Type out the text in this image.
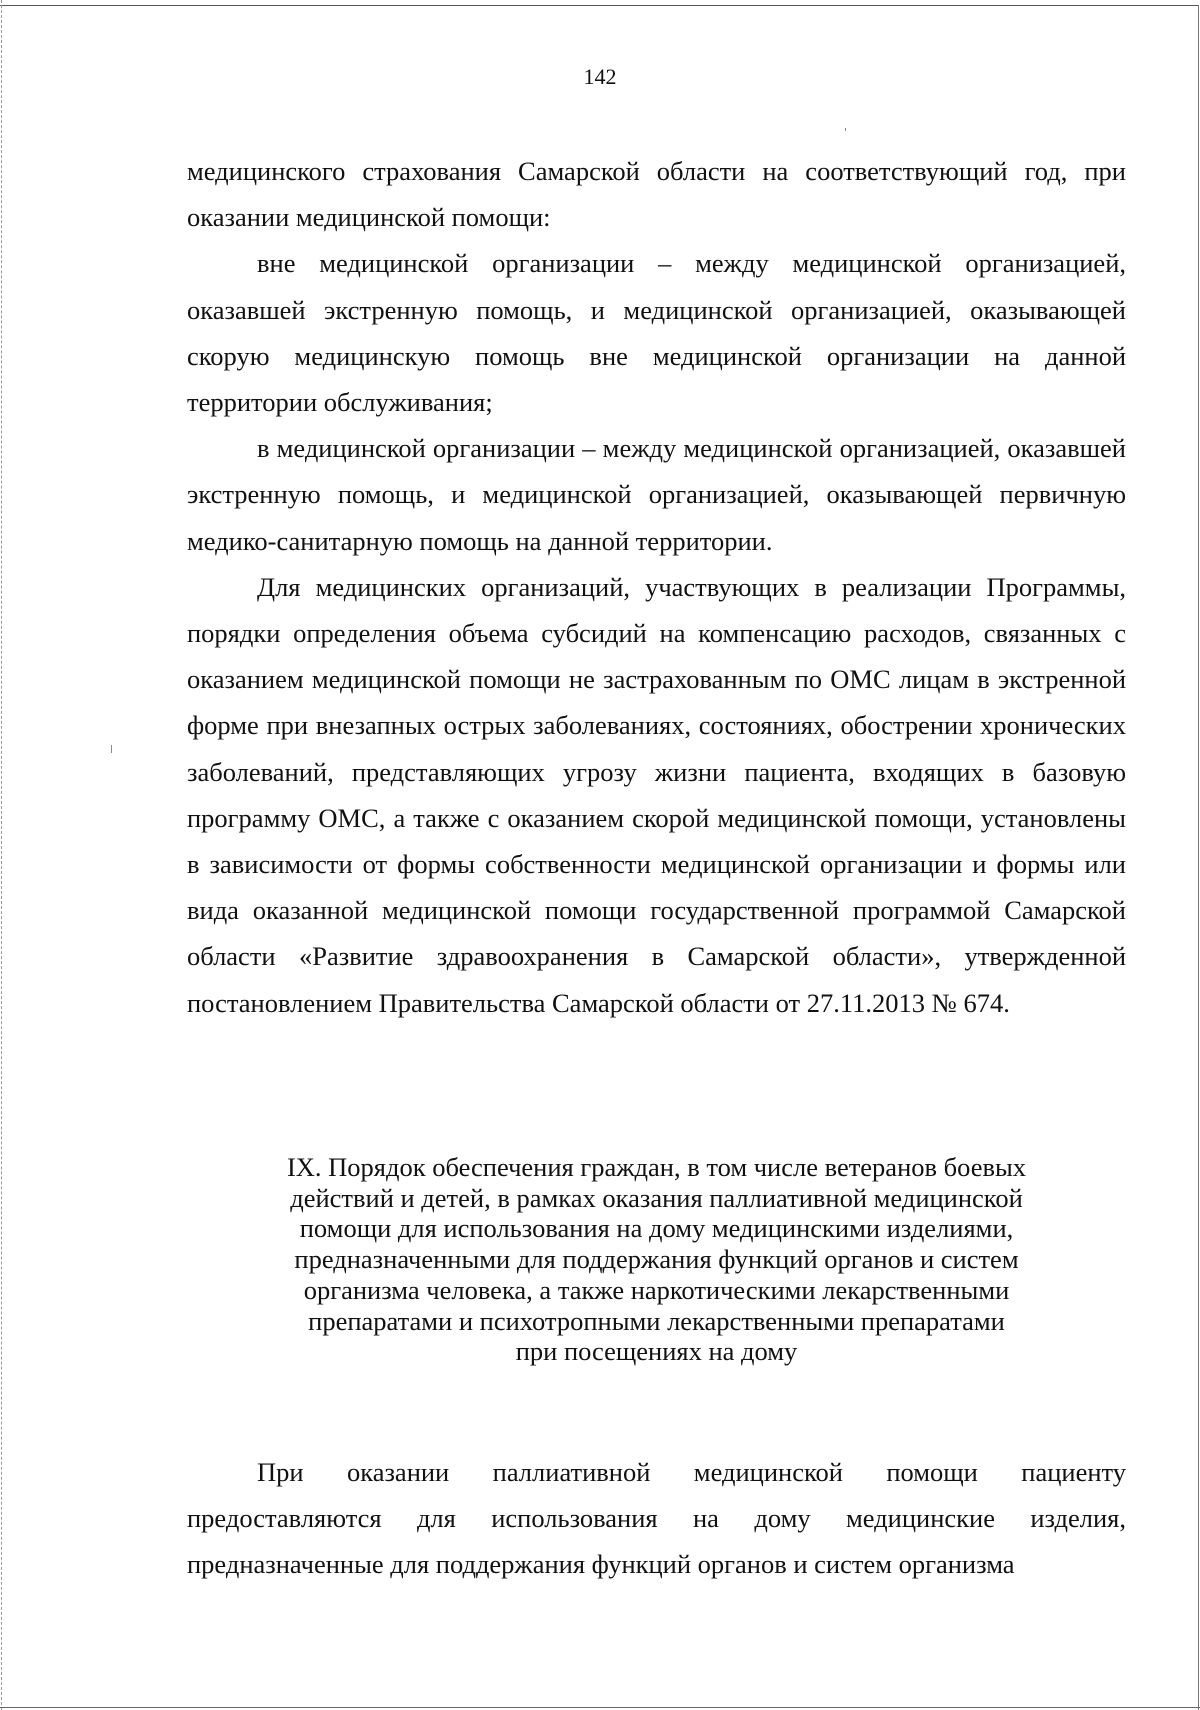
142

медицинского страхования Самарской области на соответствующий год, при оказании медицинской помощи:

вне медицинской организации – между медицинской организацией, оказавшей экстренную помощь, и медицинской организацией, оказывающей скорую медицинскую помощь вне медицинской организации на данной территории обслуживания;

в медицинской организации – между медицинской организацией, оказавшей экстренную помощь, и медицинской организацией, оказывающей первичную медико-санитарную помощь на данной территории.

Для медицинских организаций, участвующих в реализации Программы, порядки определения объема субсидий на компенсацию расходов, связанных с оказанием медицинской помощи не застрахованным по ОМС лицам в экстренной форме при внезапных острых заболеваниях, состояниях, обострении хронических заболеваний, представляющих угрозу жизни пациента, входящих в базовую программу ОМС, а также с оказанием скорой медицинской помощи, установлены в зависимости от формы собственности медицинской организации и формы или вида оказанной медицинской помощи государственной программой Самарской области «Развитие здравоохранения в Самарской области», утвержденной постановлением Правительства Самарской области от 27.11.2013 № 674.

IX. Порядок обеспечения граждан, в том числе ветеранов боевых
действий и детей, в рамках оказания паллиативной медицинской
помощи для использования на дому медицинскими изделиями,
предназначенными для поддержания функций органов и систем
организма человека, а также наркотическими лекарственными
препаратами и психотропными лекарственными препаратами
при посещениях на дому

При оказании паллиативной медицинской помощи пациенту предоставляются для использования на дому медицинские изделия, предназначенные для поддержания функций органов и систем организма
